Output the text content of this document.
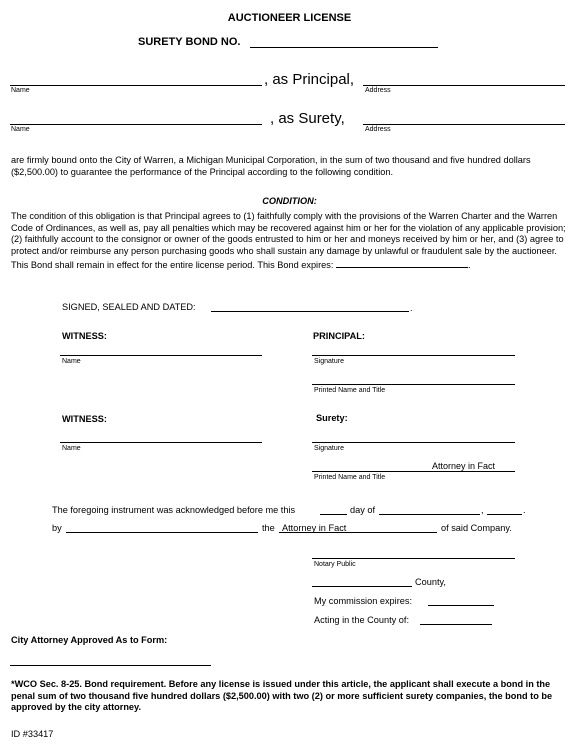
AUCTIONEER LICENSE
SURETY BOND NO.
, as Principal,
Name	Address
, as Surety,
Name	Address
are firmly bound onto the City of Warren, a Michigan Municipal Corporation, in the sum of two thousand and five hundred dollars ($2,500.00) to guarantee the performance of the Principal according to the following condition.
CONDITION:
The condition of this obligation is that Principal agrees to (1) faithfully comply with the provisions of the Warren Charter and the Warren Code of Ordinances, as well as, pay all penalties which may be recovered against him or her for the violation of any applicable provision; (2) faithfully account to the consignor or owner of the goods entrusted to him or her and moneys received by him or her, and (3) agree to protect and/or reimburse any person purchasing goods who shall sustain any damage by unlawful or fraudulent sale by the auctioneer. This Bond shall remain in effect for the entire license period. This Bond expires:	.
SIGNED, SEALED AND DATED:	.
WITNESS:
Name
PRINCIPAL:
Signature
Printed Name and Title
WITNESS:
Name
Surety:
Signature
Attorney in Fact
Printed Name and Title
The foregoing instrument was acknowledged before me this	day of	,	.
by	the Attorney in Fact	of said Company.
Notary Public
County,
My commission expires:
Acting in the County of:
City Attorney Approved As to Form:
*WCO Sec. 8-25. Bond requirement. Before any license is issued under this article, the applicant shall execute a bond in the penal sum of two thousand five hundred dollars ($2,500.00) with two (2) or more sufficient surety companies, the bond to be approved by the city attorney.
ID #33417
